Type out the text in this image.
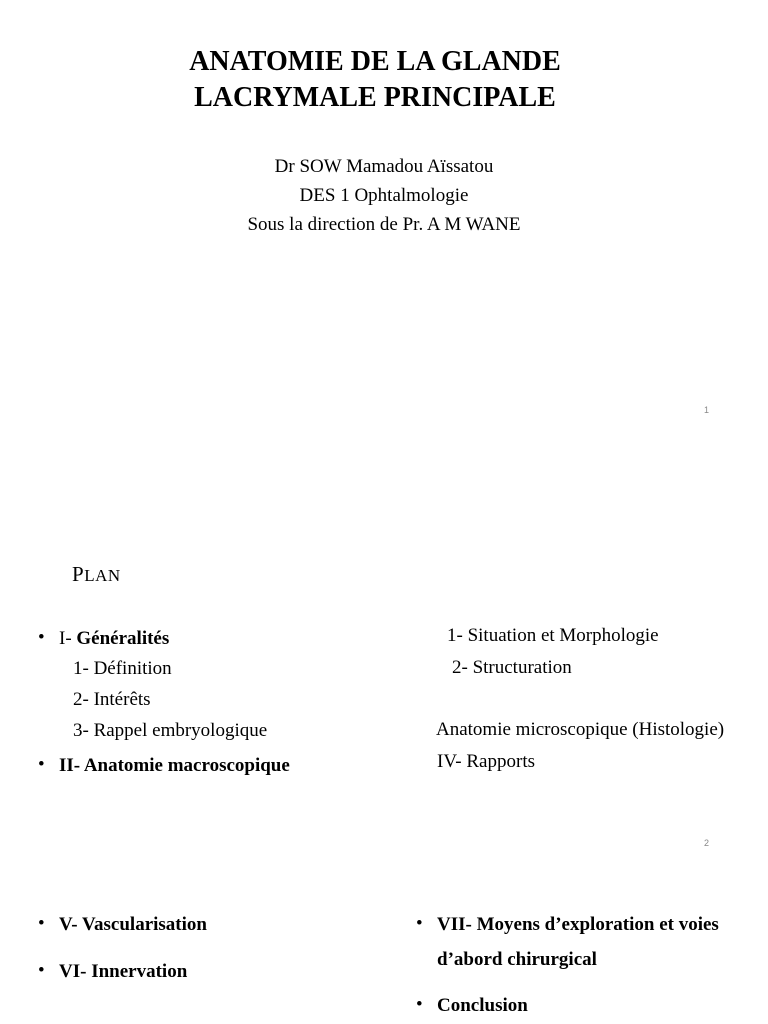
ANATOMIE DE LA GLANDE
LACRYMALE PRINCIPALE
Dr SOW Mamadou Aïssatou
DES 1 Ophtalmologie
Sous la direction de Pr. A M WANE
1
PLAN
• I- Généralités
1- Définition
2- Intérêts
3- Rappel embryologique
• II- Anatomie macroscopique
1- Situation et Morphologie
2- Structuration
Anatomie microscopique (Histologie)
IV- Rapports
2
• V- Vascularisation
• VI- Innervation
• VII- Moyens d’exploration et voies
d’abord chirurgical
• Conclusion
